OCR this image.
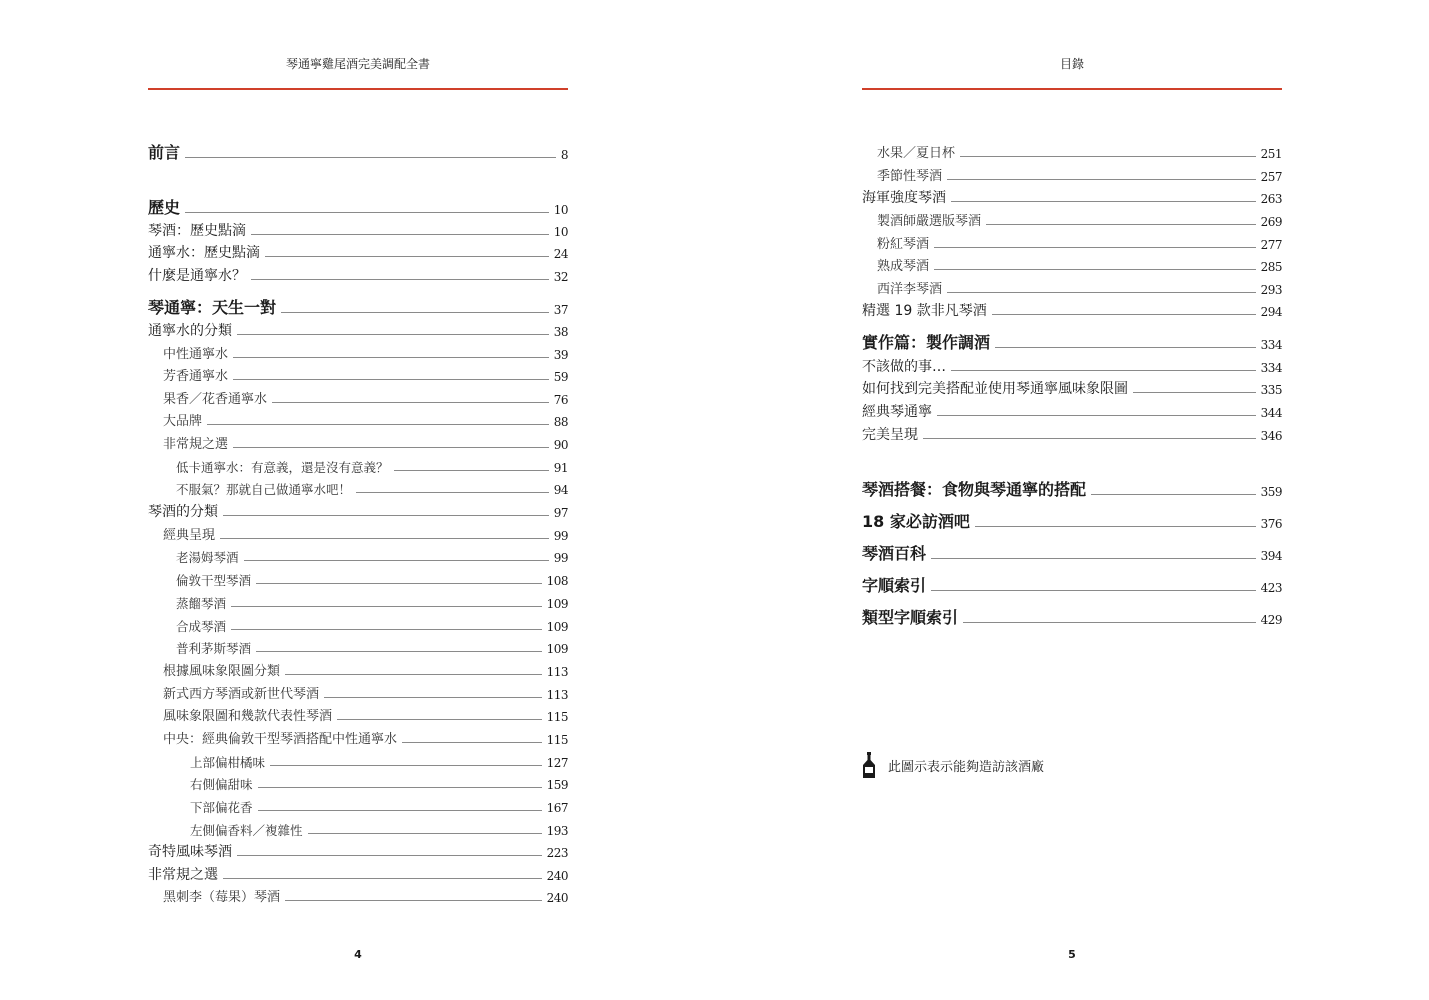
琴通寧雞尾酒完美調配全書
前言	8
歷史	10
琴酒：歷史點滴	10
通寧水：歷史點滴	24
什麼是通寧水？	32
琴通寧：天生一對	37
通寧水的分類	38
中性通寧水	39
芳香通寧水	59
果香／花香通寧水	76
大品牌	88
非常規之選	90
低卡通寧水：有意義，還是沒有意義？	91
不服氣？那就自己做通寧水吧！	94
琴酒的分類	97
經典呈現	99
老湯姆琴酒	99
倫敦干型琴酒	108
蒸餾琴酒	109
合成琴酒	109
普利茅斯琴酒	109
根據風味象限圖分類	113
新式西方琴酒或新世代琴酒	113
風味象限圖和幾款代表性琴酒	115
中央：經典倫敦干型琴酒搭配中性通寧水	115
上部偏柑橘味	127
右側偏甜味	159
下部偏花香	167
左側偏香料／複雜性	193
奇特風味琴酒	223
非常規之選	240
黑刺李（莓果）琴酒	240
4
目錄
水果／夏日杯	251
季節性琴酒	257
海軍強度琴酒	263
製酒師嚴選版琴酒	269
粉紅琴酒	277
熟成琴酒	285
西洋李琴酒	293
精選 19 款非凡琴酒	294
實作篇：製作調酒	334
不該做的事…	334
如何找到完美搭配並使用琴通寧風味象限圖	335
經典琴通寧	344
完美呈現	346
琴酒搭餐：食物與琴通寧的搭配	359
18 家必訪酒吧	376
琴酒百科	394
字順索引	423
類型字順索引	429
此圖示表示能夠造訪該酒廠
5
